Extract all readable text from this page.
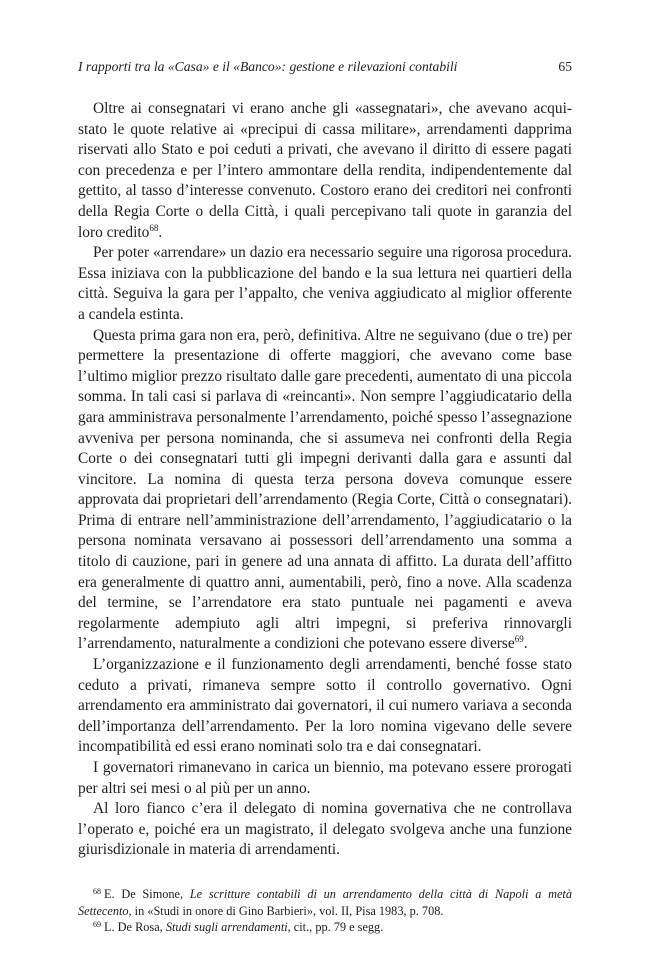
I rapporti tra la «Casa» e il «Banco»: gestione e rilevazioni contabili	65

Oltre ai consegnatari vi erano anche gli «assegnatari», che avevano acquistato le quote relative ai «precipui di cassa militare», arrendamenti dapprima riservati allo Stato e poi ceduti a privati, che avevano il diritto di essere pagati con precedenza e per l’intero ammontare della rendita, indipendentemente dal gettito, al tasso d’interesse convenuto. Costoro erano dei creditori nei confronti della Regia Corte o della Città, i quali percepivano tali quote in garanzia del loro credito$^{68}$.

Per poter «arrendare» un dazio era necessario seguire una rigorosa procedura. Essa iniziava con la pubblicazione del bando e la sua lettura nei quartieri della città. Seguiva la gara per l’appalto, che veniva aggiudicato al miglior offerente a candela estinta.

Questa prima gara non era, però, definitiva. Altre ne seguivano (due o tre) per permettere la presentazione di offerte maggiori, che avevano come base l’ultimo miglior prezzo risultato dalle gare precedenti, aumentato di una piccola somma. In tali casi si parlava di «reincanti». Non sempre l’aggiudicatario della gara amministrava personalmente l’arrendamento, poiché spesso l’assegnazione avveniva per persona nominanda, che si assumeva nei confronti della Regia Corte o dei consegnatari tutti gli impegni derivanti dalla gara e assunti dal vincitore. La nomina di questa terza persona doveva comunque essere approvata dai proprietari dell’arrendamento (Regia Corte, Città o consegnatari). Prima di entrare nell’amministrazione dell’arrendamento, l’aggiudicatario o la persona nominata versavano ai possessori dell’arrendamento una somma a titolo di cauzione, pari in genere ad una annata di affitto. La durata dell’affitto era generalmente di quattro anni, aumentabili, però, fino a nove. Alla scadenza del termine, se l’arrendatore era stato puntuale nei pagamenti e aveva regolarmente adempiuto agli altri impegni, si preferiva rinnovargli l’arrendamento, naturalmente a condizioni che potevano essere diverse$^{69}$.

L’organizzazione e il funzionamento degli arrendamenti, benché fosse stato ceduto a privati, rimaneva sempre sotto il controllo governativo. Ogni arrendamento era amministrato dai governatori, il cui numero variava a seconda dell’importanza dell’arrendamento. Per la loro nomina vigevano delle severe incompatibilità ed essi erano nominati solo tra e dai consegnatari.

I governatori rimanevano in carica un biennio, ma potevano essere prorogati per altri sei mesi o al più per un anno.

Al loro fianco c’era il delegato di nomina governativa che ne controllava l’operato e, poiché era un magistrato, il delegato svolgeva anche una funzione giurisdizionale in materia di arrendamenti.

$^{68}$ E. De Simone, Le scritture contabili di un arrendamento della città di Napoli a metà Settecento, in «Studi in onore di Gino Barbieri», vol. II, Pisa 1983, p. 708.

$^{69}$ L. De Rosa, Studi sugli arrendamenti, cit., pp. 79 e segg.
